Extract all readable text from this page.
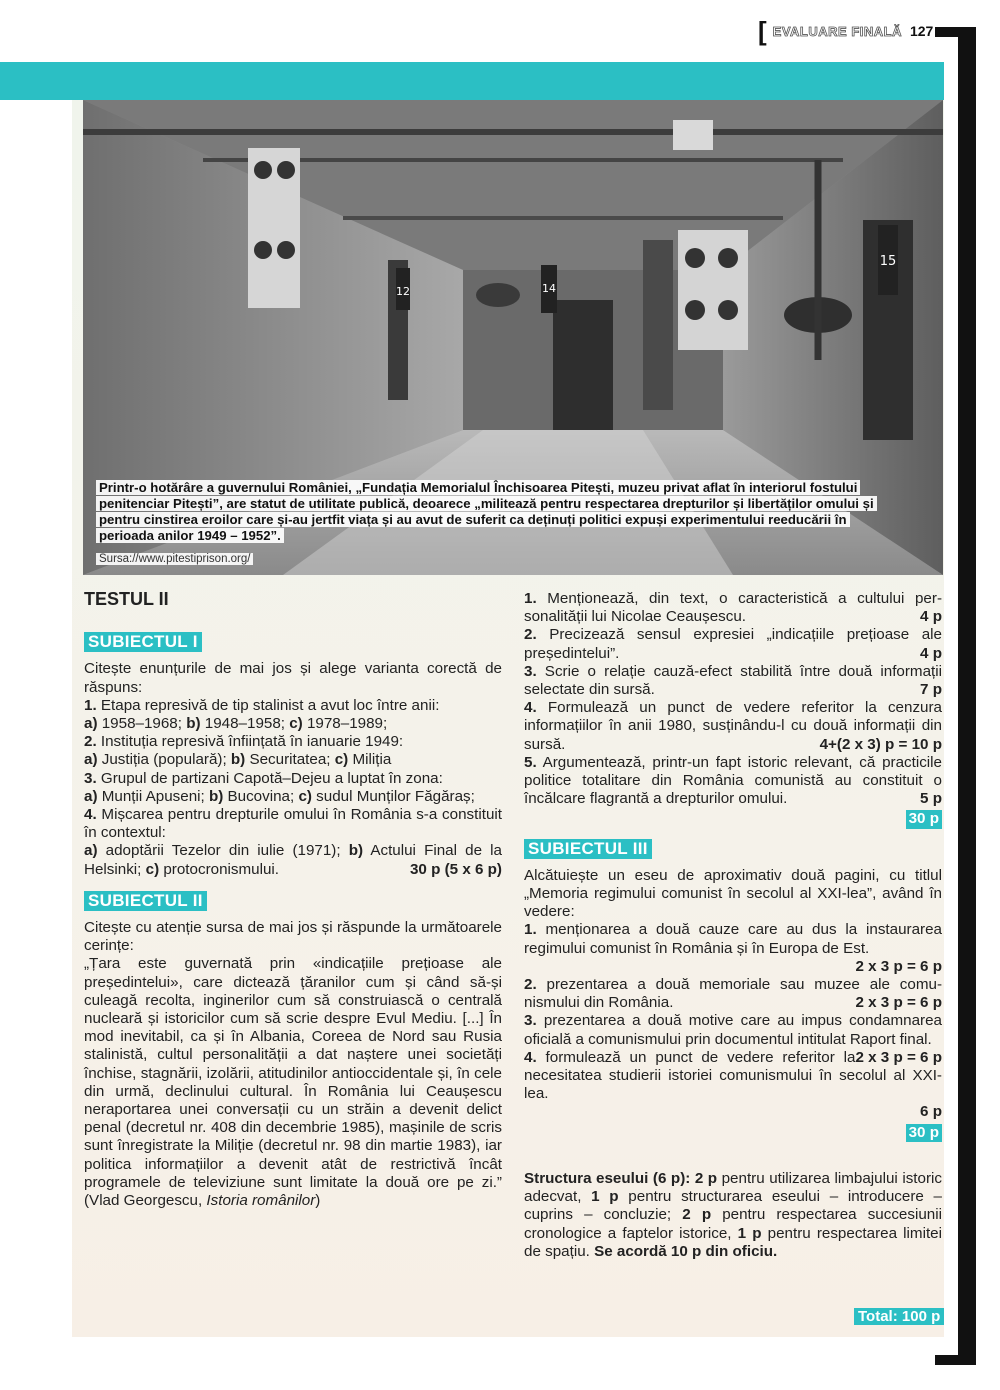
[ EVALUARE FINALĂ 127
12	14
15
Printr-o hotărâre a guvernului României, „Fundația Memorialul Închisoarea Pitești, muzeu privat aflat în interiorul fostului penitenciar Pitești”, are statut de utilitate publică, deoarece „militează pentru respectarea drepturilor și libertăților omului și pentru cinstirea eroilor care și-au jertfit viața și au avut de suferit ca deținuți politici expuși experimentului reeducării în perioada anilor 1949 – 1952”.
Sursa://www.pitestiprison.org/
TESTUL II
SUBIECTUL I

Citește enunțurile de mai jos și alege varianta corectă de răspuns:

1. Etapa represivă de tip stalinist a avut loc între anii:

a) 1958–1968; b) 1948–1958; c) 1978–1989;

2. Instituția represivă înființată în ianuarie 1949:

a) Justiția (populară); b) Securitatea; c) Miliția

3. Grupul de partizani Capotă–Dejeu a luptat în zona:

a) Munții Apuseni; b) Bucovina; c) sudul Munților Făgăraș;

4. Mișcarea pentru drepturile omului în România s-a constituit în contextul:

a) adoptării Tezelor din iulie (1971); b) Actului Final de la Helsinki; c) protocronismului.	30 p (5 x 6 p)

SUBIECTUL II

Citește cu atenție sursa de mai jos și răspunde la următoarele cerințe:

„Țara este guvernată prin «indicațiile prețioase ale președintelui», care dictează țăranilor cum și când să-și culeagă recolta, inginerilor cum să construiască o centrală nucleară și istoricilor cum să scrie despre Evul Mediu. [...] În mod inevitabil, ca și în Albania, Coreea de Nord sau Rusia stalinistă, cultul personalității a dat naștere unei societăți închise, stagnării, izolării, atitudinilor antioccidentale și, în cele din urmă, declinului cultural. În România lui Ceaușescu neraportarea unei conversații cu un străin a devenit delict penal (decretul nr. 408 din decembrie 1985), mașinile de scris sunt înregistrate la Miliție (decretul nr. 98 din martie 1983), iar politica informațiilor a devenit atât de restrictivă încât programele de televiziune sunt limitate la două ore pe zi.” (Vlad Georgescu, Istoria românilor)

1. Menționează, din text, o caracteristică a cultului personalității lui Nicolae Ceaușescu.	4 p

2. Precizează sensul expresiei „indicațiile prețioase ale președintelui”.	4 p

3. Scrie o relație cauză-efect stabilită între două informații selectate din sursă.	7 p

4. Formulează un punct de vedere referitor la cenzura informațiilor în anii 1980, susținându-l cu două informații din sursă.	4+(2 x 3) p = 10 p

5. Argumentează, printr-un fapt istoric relevant, că practicile politice totalitare din România comunistă au constituit o încălcare flagrantă a drepturilor omului.	5 p

30 p
SUBIECTUL III

Alcătuiește un eseu de aproximativ două pagini, cu titlul „Memoria regimului comunist în secolul al XXI-lea”, având în vedere:

1. menționarea a două cauze care au dus la instaurarea regimului comunist în România și în Europa de Est.

2 x 3 p = 6 p

2. prezentarea a două memoriale sau muzee ale comunismului din România.	2 x 3 p = 6 p

3. prezentarea a două motive care au impus condamnarea oficială a comunismului prin documentul intitulat Raport final.
2 x 3 p = 6 p

4. formulează un punct de vedere referitor la necesitatea studierii istoriei comunismului în secolul al XXI-lea.

6 p
30 p

Structura eseului (6 p): 2 p pentru utilizarea limbajului istoric adecvat, 1 p pentru structurarea eseului – introducere – cuprins – concluzie; 2 p pentru respectarea succesiunii cronologice a faptelor istorice, 1 p pentru respectarea limitei de spațiu. Se acordă 10 p din oficiu.

Total: 100 p
